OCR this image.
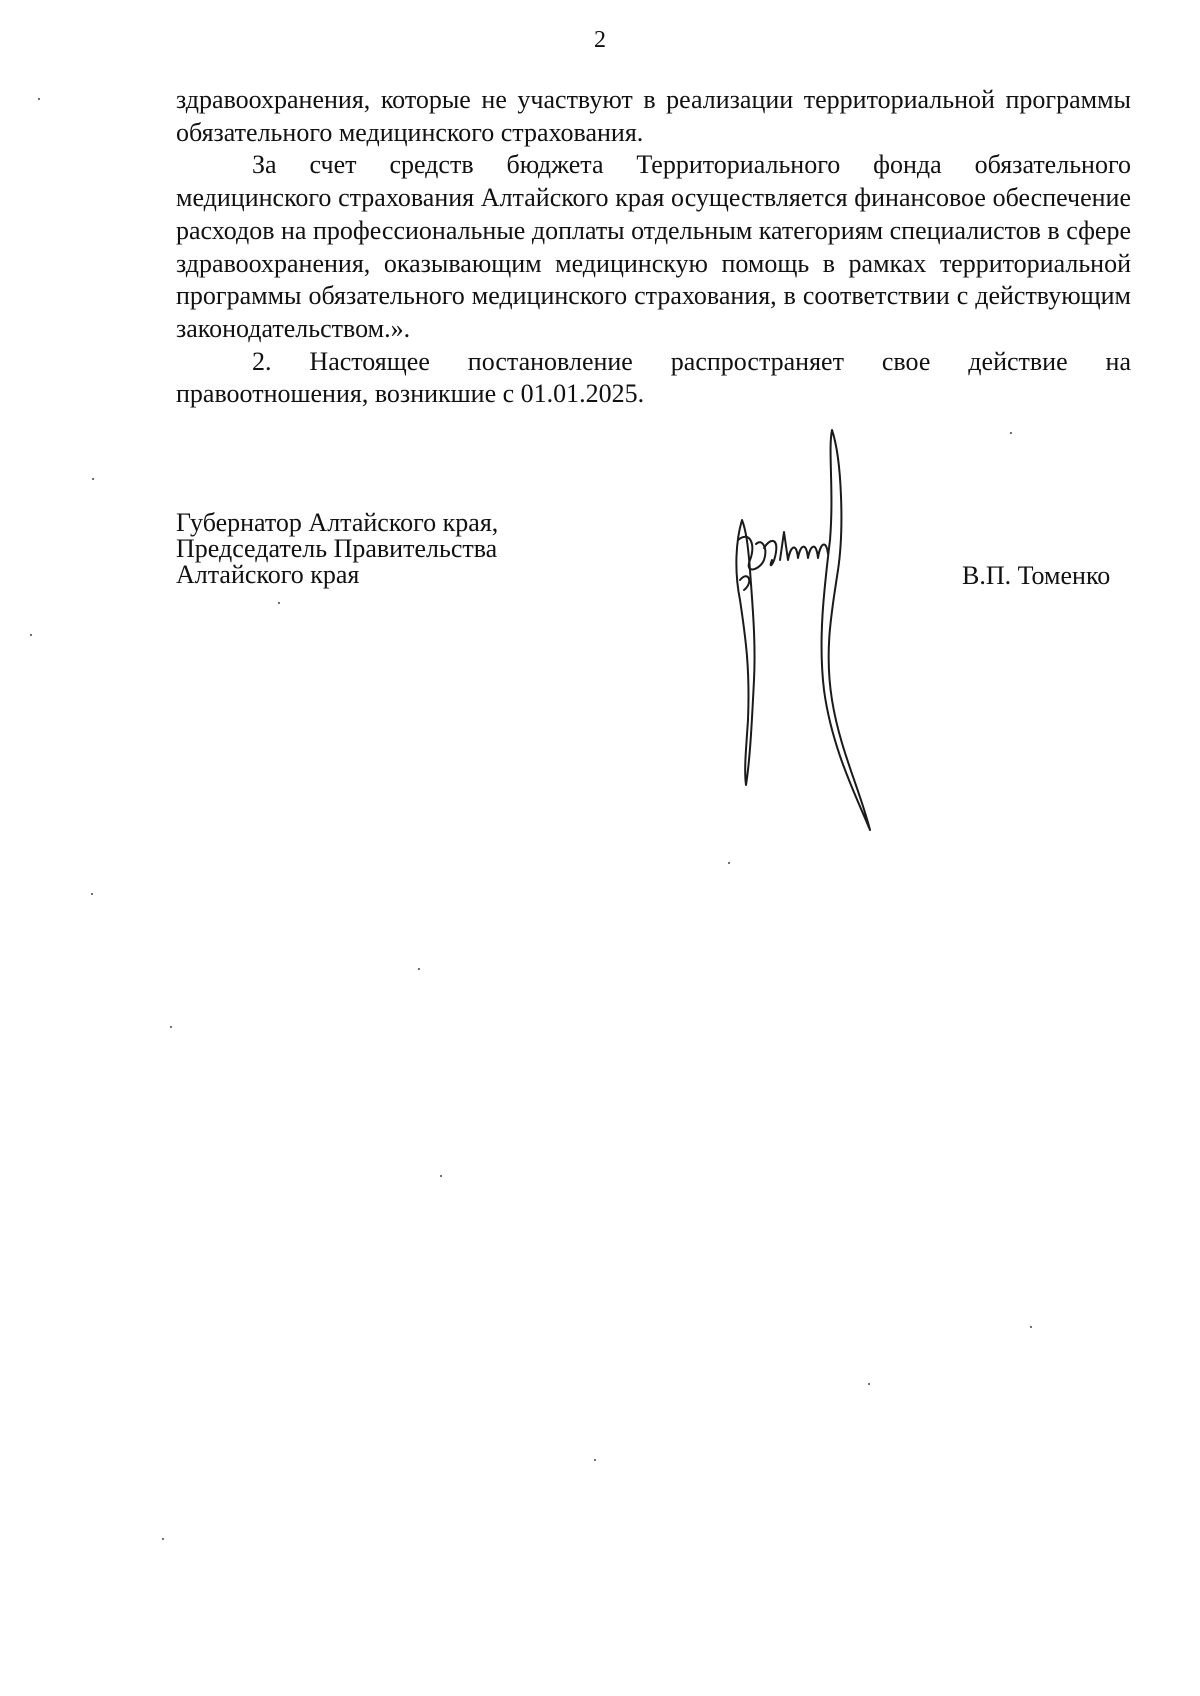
2

здравоохранения, которые не участвуют в реализации территориальной программы обязательного медицинского страхования.

За счет средств бюджета Территориального фонда обязательного медицинского страхования Алтайского края осуществляется финансовое обеспечение расходов на профессиональные доплаты отдельным категориям специалистов в сфере здравоохранения, оказывающим медицинскую помощь в рамках территориальной программы обязательного медицинского страхования, в соответствии с действующим законодательством.».

2. Настоящее постановление распространяет свое действие на правоотношения, возникшие с 01.01.2025.

Губернатор Алтайского края,
Председатель Правительства
Алтайского края	В.П. Томенко
